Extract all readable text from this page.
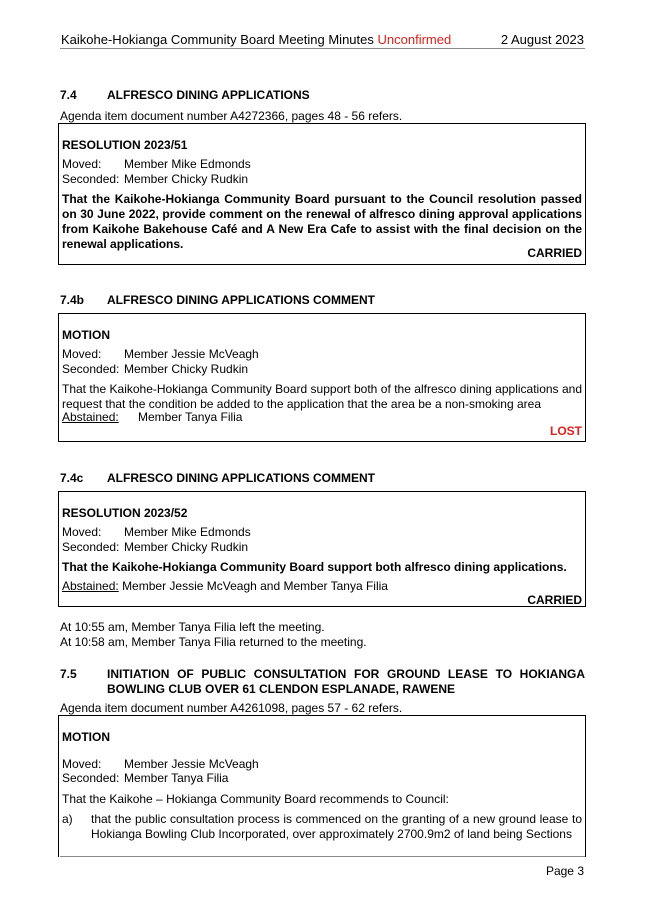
Kaikohe-Hokianga Community Board Meeting Minutes Unconfirmed	2 August 2023
7.4	ALFRESCO DINING APPLICATIONS
Agenda item document number A4272366, pages 48 - 56 refers.
RESOLUTION 2023/51
Moved: Member Mike Edmonds
Seconded: Member Chicky Rudkin
That the Kaikohe-Hokianga Community Board pursuant to the Council resolution passed on 30 June 2022, provide comment on the renewal of alfresco dining approval applications from Kaikohe Bakehouse Café and A New Era Cafe to assist with the final decision on the renewal applications.
CARRIED
7.4b ALFRESCO DINING APPLICATIONS COMMENT
MOTION
Moved: Member Jessie McVeagh
Seconded: Member Chicky Rudkin
That the Kaikohe-Hokianga Community Board support both of the alfresco dining applications and request that the condition be added to the application that the area be a non-smoking area
Abstained: Member Tanya Filia
LOST
7.4c ALFRESCO DINING APPLICATIONS COMMENT
RESOLUTION 2023/52
Moved: Member Mike Edmonds
Seconded: Member Chicky Rudkin
That the Kaikohe-Hokianga Community Board support both alfresco dining applications.
Abstained: Member Jessie McVeagh and Member Tanya Filia
CARRIED
At 10:55 am, Member Tanya Filia left the meeting.
At 10:58 am, Member Tanya Filia returned to the meeting.
7.5	INITIATION OF PUBLIC CONSULTATION FOR GROUND LEASE TO HOKIANGA BOWLING CLUB OVER 61 CLENDON ESPLANADE, RAWENE
Agenda item document number A4261098, pages 57 - 62 refers.
MOTION
Moved: Member Jessie McVeagh
Seconded: Member Tanya Filia
That the Kaikohe – Hokianga Community Board recommends to Council:
a) that the public consultation process is commenced on the granting of a new ground lease to Hokianga Bowling Club Incorporated, over approximately 2700.9m2 of land being Sections
Page 3
